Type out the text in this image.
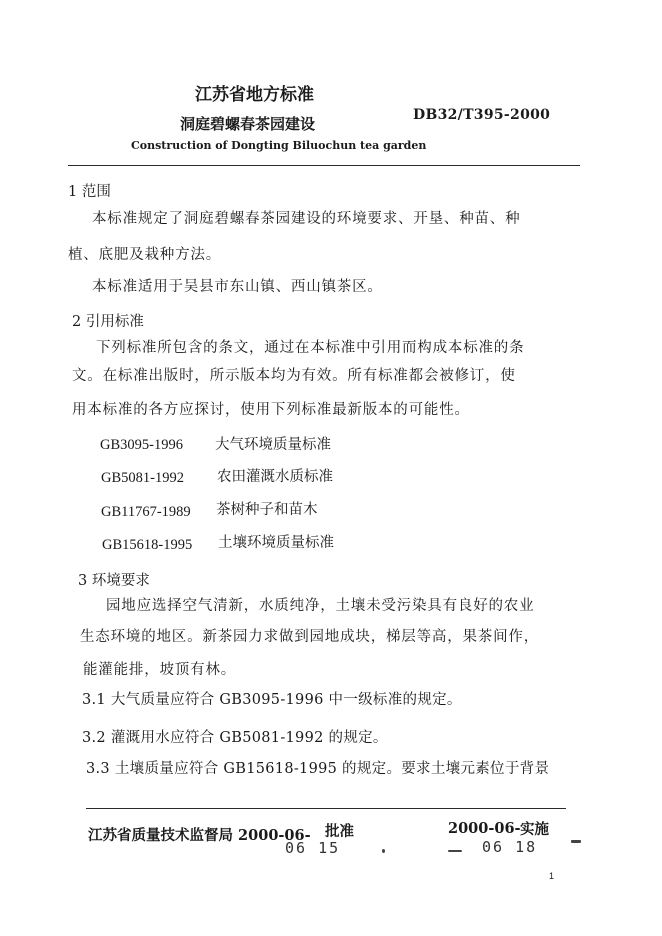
江苏省地方标准
洞庭碧螺春茶园建设	DB32/T395-2000
Construction of Dongting Biluochun tea garden
1 范围
本标准规定了洞庭碧螺春茶园建设的环境要求、开垦、种苗、种
植、底肥及栽种方法。
本标准适用于吴县市东山镇、西山镇茶区。
2 引用标准
下列标准所包含的条文，通过在本标准中引用而构成本标准的条
文。在标准出版时，所示版本均为有效。所有标准都会被修订，使
用本标准的各方应探讨，使用下列标准最新版本的可能性。
GB3095-1996 大气环境质量标准
GB5081-1992 农田灌溉水质标准
GB11767-1989 茶树种子和苗木
GB15618-1995 土壤环境质量标准
3 环境要求
园地应选择空气清新，水质纯净，土壤未受污染具有良好的农业
生态环境的地区。新茶园力求做到园地成块，梯层等高，果茶间作，
能灌能排，坡顶有林。
3.1 大气质量应符合 GB3095-1996 中一级标准的规定。
3.2 灌溉用水应符合 GB5081-1992 的规定。
3.3 土壤质量应符合 GB15618-1995 的规定。要求土壤元素位于背景
江苏省质量技术监督局 2000-06- 批准
06 15
2000-06- 实施
06 18
1
